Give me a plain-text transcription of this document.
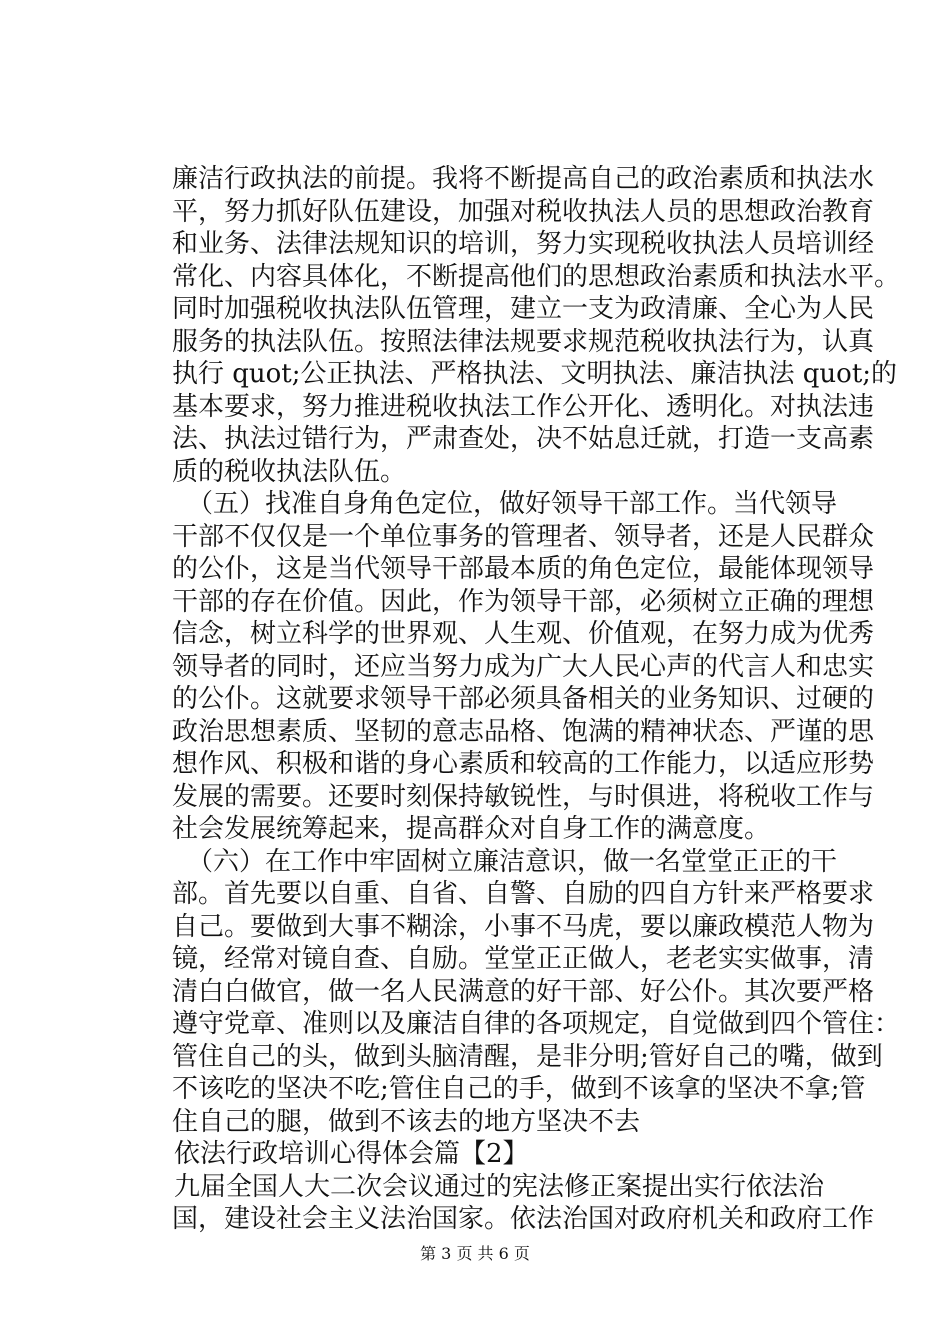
廉洁行政执法的前提。我将不断提高自己的政治素质和执法水
平，努力抓好队伍建设，加强对税收执法人员的思想政治教育
和业务、法律法规知识的培训，努力实现税收执法人员培训经
常化、内容具体化，不断提高他们的思想政治素质和执法水平。
同时加强税收执法队伍管理，建立一支为政清廉、全心为人民
服务的执法队伍。按照法律法规要求规范税收执法行为，认真
执行 quot;公正执法、严格执法、文明执法、廉洁执法 quot;的
基本要求，努力推进税收执法工作公开化、透明化。对执法违
法、执法过错行为，严肃查处，决不姑息迁就，打造一支高素
质的税收执法队伍。
（五）找准自身角色定位，做好领导干部工作。当代领导
干部不仅仅是一个单位事务的管理者、领导者，还是人民群众
的公仆，这是当代领导干部最本质的角色定位，最能体现领导
干部的存在价值。因此，作为领导干部，必须树立正确的理想
信念，树立科学的世界观、人生观、价值观，在努力成为优秀
领导者的同时，还应当努力成为广大人民心声的代言人和忠实
的公仆。这就要求领导干部必须具备相关的业务知识、过硬的
政治思想素质、坚韧的意志品格、饱满的精神状态、严谨的思
想作风、积极和谐的身心素质和较高的工作能力，以适应形势
发展的需要。还要时刻保持敏锐性，与时俱进，将税收工作与
社会发展统筹起来，提高群众对自身工作的满意度。
（六）在工作中牢固树立廉洁意识，做一名堂堂正正的干
部。首先要以自重、自省、自警、自励的四自方针来严格要求
自己。要做到大事不糊涂，小事不马虎，要以廉政模范人物为
镜，经常对镜自查、自励。堂堂正正做人，老老实实做事，清
清白白做官，做一名人民满意的好干部、好公仆。其次要严格
遵守党章、准则以及廉洁自律的各项规定，自觉做到四个管住：
管住自己的头，做到头脑清醒，是非分明;管好自己的嘴，做到
不该吃的坚决不吃;管住自己的手，做到不该拿的坚决不拿;管
住自己的腿，做到不该去的地方坚决不去
依法行政培训心得体会篇【2】
九届全国人大二次会议通过的宪法修正案提出实行依法治
国，建设社会主义法治国家。依法治国对政府机关和政府工作
第 3 页 共 6 页
